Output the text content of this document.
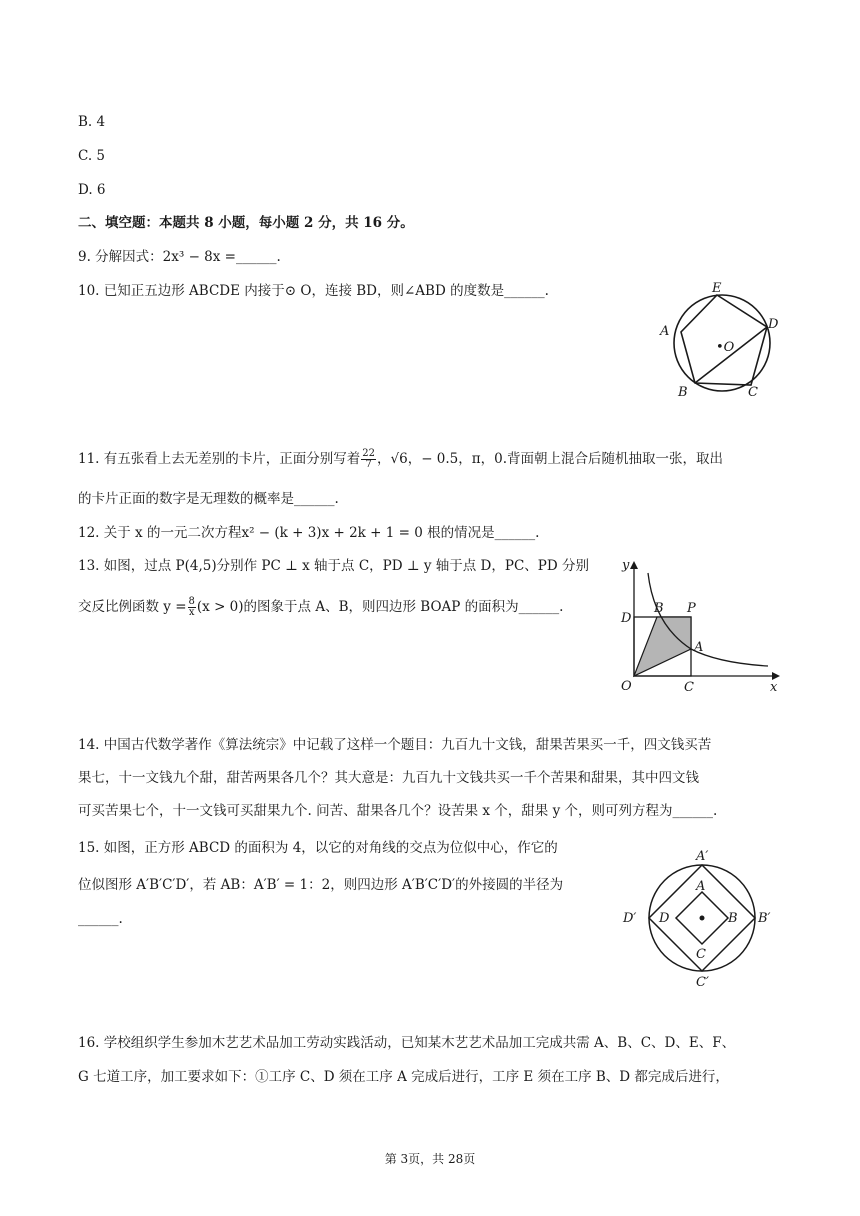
B. 4
C. 5
D. 6
二、填空题：本题共 8 小题，每小题 2 分，共 16 分。
9. 分解因式：2x³ − 8x =______.
10. 已知正五边形 ABCDE 内接于⊙ O，连接 BD，则∠ABD 的度数是______.	E
D
A
•O
B	C
11. 有五张看上去无差别的卡片，正面分别写着 $\frac{22}{7}$ ，√6，− 0.5，π，0.背面朝上混合后随机抽取一张，取出
的卡片正面的数字是无理数的概率是______.
12. 关于 x 的一元二次方程x² − (k + 3)x + 2k + 1 = 0 根的情况是______.
13. 如图，过点 P(4,5)分别作 PC ⊥ x 轴于点 C，PD ⊥ y 轴于点 D，PC、PD 分别
交反比例函数 $y = \frac{8}{x} (x > 0)$的图象于点 A、B，则四边形 BOAP 的面积为______.
y
x
O
D
B P
A
C
14. 中国古代数学著作《算法统宗》中记载了这样一个题目：九百九十文钱，甜果苦果买一千，四文钱买苦
果七，十一文钱九个甜，甜苦两果各几个？其大意是：九百九十文钱共买一千个苦果和甜果，其中四文钱
可买苦果七个，十一文钱可买甜果九个. 问苦、甜果各几个？设苦果 x 个，甜果 y 个，则可列方程为______.
15. 如图，正方形 ABCD 的面积为 4，以它的对角线的交点为位似中心，作它的
位似图形 A′B′C′D′，若 AB：A′B′ = 1：2，则四边形 A′B′C′D′的外接圆的半径为
______.
A′
A
B B′
D
D′
C
C′
16. 学校组织学生参加木艺艺术品加工劳动实践活动，已知某木艺艺术品加工完成共需 A、B、C、D、E、F、
G 七道工序，加工要求如下：①工序 C、D 须在工序 A 完成后进行，工序 E 须在工序 B、D 都完成后进行，
第 3页，共 28页
